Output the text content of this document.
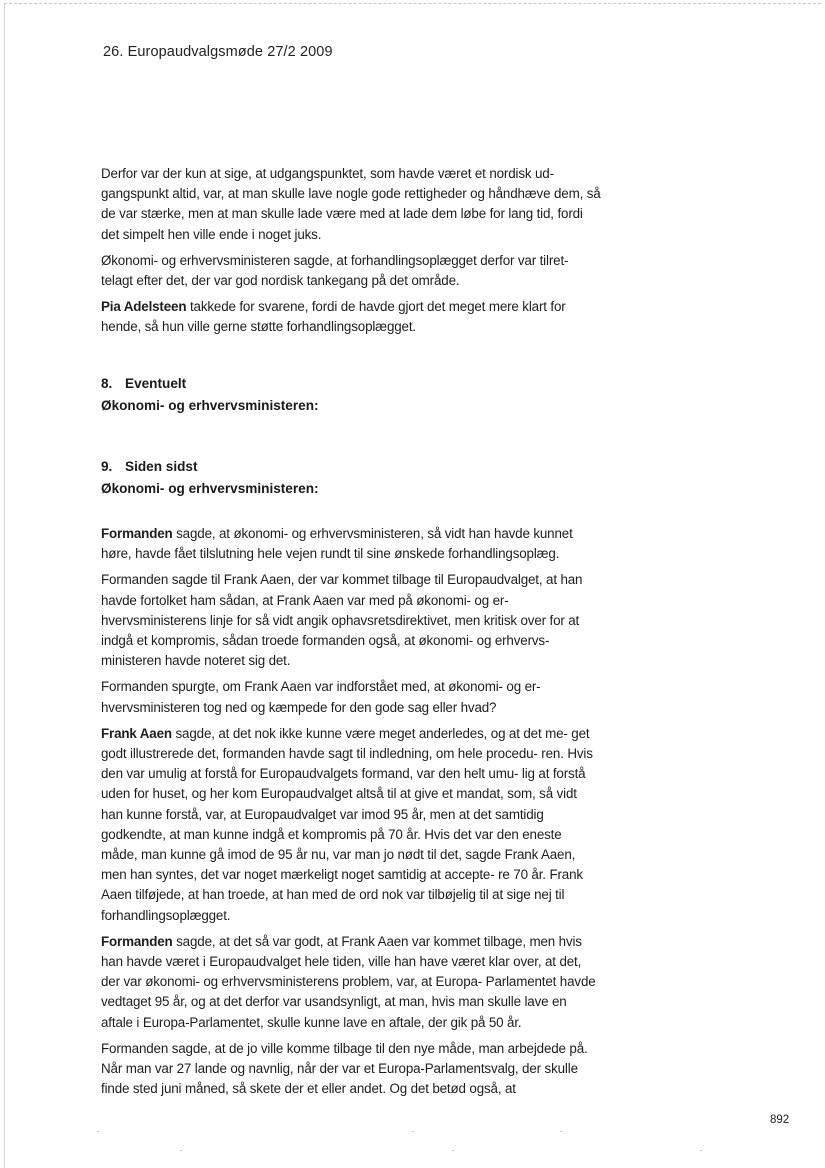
26. Europaudvalgsmøde 27/2 2009

Derfor var der kun at sige, at udgangspunktet, som havde været et nordisk ud- gangspunkt altid, var, at man skulle lave nogle gode rettigheder og håndhæve dem, så de var stærke, men at man skulle lade være med at lade dem løbe for lang tid, fordi det simpelt hen ville ende i noget juks.

Økonomi- og erhvervsministeren sagde, at forhandlingsoplægget derfor var tilret- telagt efter det, der var god nordisk tankegang på det område.

Pia Adelsteen takkede for svarene, fordi de havde gjort det meget mere klart for hende, så hun ville gerne støtte forhandlingsoplægget.

8. Eventuelt
Økonomi- og erhvervsministeren:
9. Siden sidst
Økonomi- og erhvervsministeren:

Formanden sagde, at økonomi- og erhvervsministeren, så vidt han havde kunnet høre, havde fået tilslutning hele vejen rundt til sine ønskede forhandlingsoplæg.

Formanden sagde til Frank Aaen, der var kommet tilbage til Europaudvalget, at han havde fortolket ham sådan, at Frank Aaen var med på økonomi- og er- hvervsministerens linje for så vidt angik ophavsretsdirektivet, men kritisk over for at indgå et kompromis, sådan troede formanden også, at økonomi- og erhvervs- ministeren havde noteret sig det.

Formanden spurgte, om Frank Aaen var indforstået med, at økonomi- og er- hvervsministeren tog ned og kæmpede for den gode sag eller hvad?

Frank Aaen sagde, at det nok ikke kunne være meget anderledes, og at det me- get godt illustrerede det, formanden havde sagt til indledning, om hele procedu- ren. Hvis den var umulig at forstå for Europaudvalgets formand, var den helt umu- lig at forstå uden for huset, og her kom Europaudvalget altså til at give et mandat, som, så vidt han kunne forstå, var, at Europaudvalget var imod 95 år, men at det samtidig godkendte, at man kunne indgå et kompromis på 70 år. Hvis det var den eneste måde, man kunne gå imod de 95 år nu, var man jo nødt til det, sagde Frank Aaen, men han syntes, det var noget mærkeligt noget samtidig at accepte- re 70 år. Frank Aaen tilføjede, at han troede, at han med de ord nok var tilbøjelig til at sige nej til forhandlingsoplægget.

Formanden sagde, at det så var godt, at Frank Aaen var kommet tilbage, men hvis han havde været i Europaudvalget hele tiden, ville han have været klar over, at det, der var økonomi- og erhvervsministerens problem, var, at Europa- Parlamentet havde vedtaget 95 år, og at det derfor var usandsynligt, at man, hvis man skulle lave en aftale i Europa-Parlamentet, skulle kunne lave en aftale, der gik på 50 år.

Formanden sagde, at de jo ville komme tilbage til den nye måde, man arbejdede på. Når man var 27 lande og navnlig, når der var et Europa-Parlamentsvalg, der skulle finde sted juni måned, så skete der et eller andet. Og det betød også, at

892
